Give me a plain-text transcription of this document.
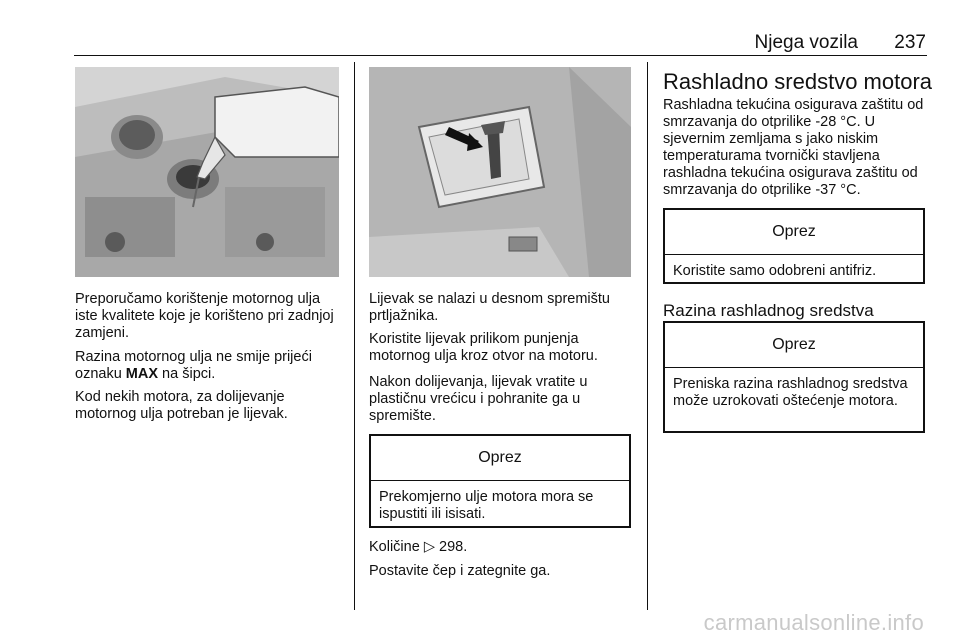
Njega vozila	237

Preporučamo korištenje motornog ulja iste kvalitete koje je korišteno pri zadnjoj zamjeni.

Razina motornog ulja ne smije prijeći oznaku MAX na šipci.

Kod nekih motora, za dolijevanje motornog ulja potreban je lijevak.

Lijevak se nalazi u desnom spremištu prtljažnika.

Koristite lijevak prilikom punjenja motornog ulja kroz otvor na motoru.

Nakon dolijevanja, lijevak vratite u plastičnu vrećicu i pohranite ga u spremište.

Oprez
Prekomjerno ulje motora mora se ispustiti ili isisati.

Količine ▷ 298.

Postavite čep i zategnite ga.

Rashladno sredstvo motora

Rashladna tekućina osigurava zaštitu od smrzavanja do otprilike -28 °C. U sjevernim zemljama s jako niskim temperaturama tvornički stavljena rashladna tekućina osigurava zaštitu od smrzavanja do otprilike -37 °C.

Oprez
Koristite samo odobreni antifriz.
Razina rashladnog sredstva
Oprez
Preniska razina rashladnog sredstva može uzrokovati oštećenje motora.
carmanualsonline.info
